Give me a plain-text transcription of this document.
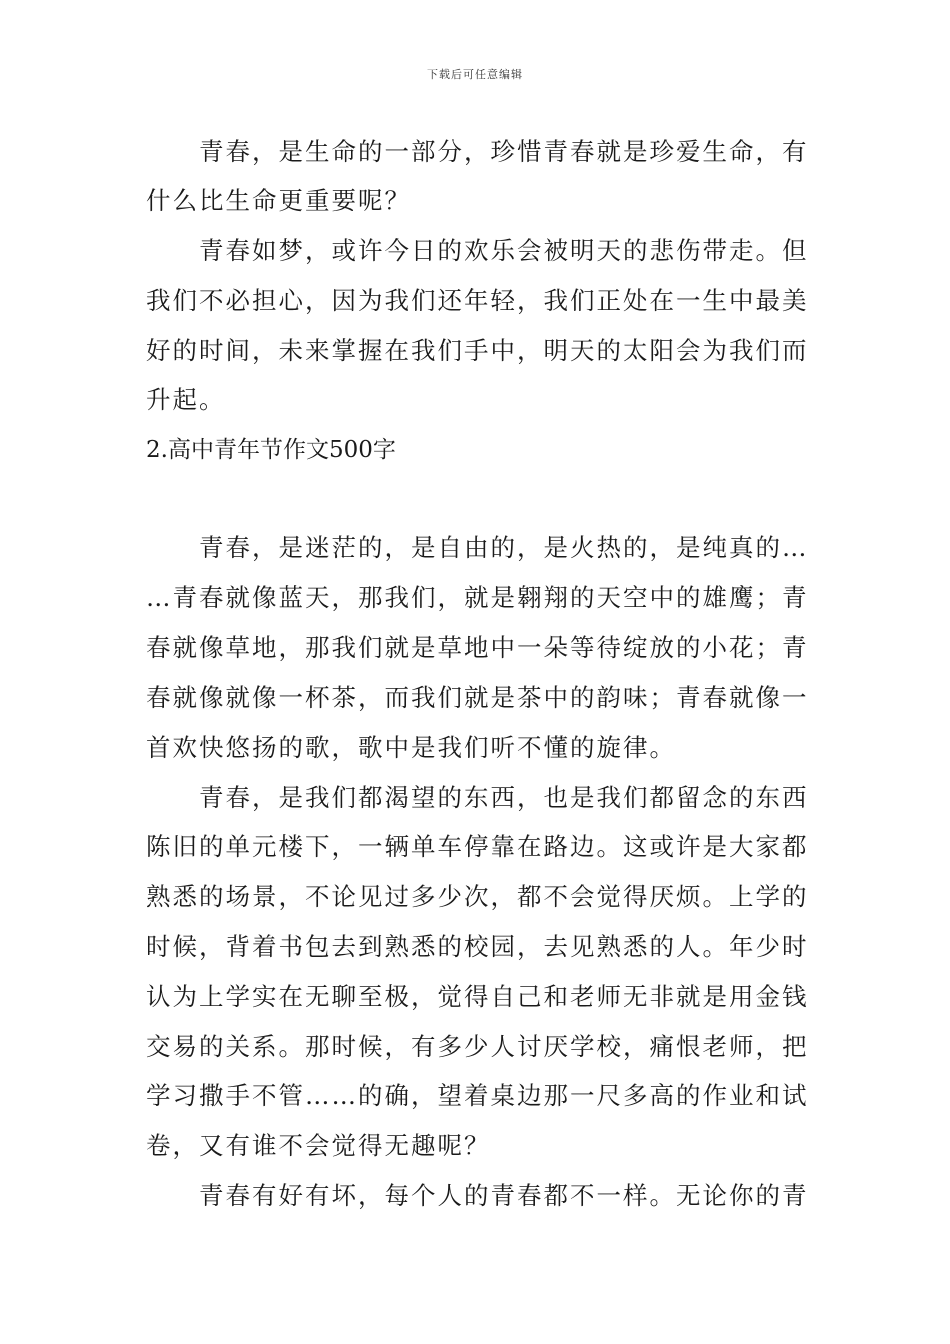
下载后可任意编辑
　　青春，是生命的一部分，珍惜青春就是珍爱生命，有
什么比生命更重要呢？
　　青春如梦，或许今日的欢乐会被明天的悲伤带走。但
我们不必担心，因为我们还年轻，我们正处在一生中最美
好的时间，未来掌握在我们手中，明天的太阳会为我们而
升起。
2.高中青年节作文500字
　　青春，是迷茫的，是自由的，是火热的，是纯真的…
…青春就像蓝天，那我们，就是翱翔的天空中的雄鹰；青
春就像草地，那我们就是草地中一朵等待绽放的小花；青
春就像就像一杯茶，而我们就是茶中的韵味；青春就像一
首欢快悠扬的歌，歌中是我们听不懂的旋律。
　　青春，是我们都渴望的东西，也是我们都留念的东西
陈旧的单元楼下，一辆单车停靠在路边。这或许是大家都
熟悉的场景，不论见过多少次，都不会觉得厌烦。上学的
时候，背着书包去到熟悉的校园，去见熟悉的人。年少时
认为上学实在无聊至极，觉得自己和老师无非就是用金钱
交易的关系。那时候，有多少人讨厌学校，痛恨老师，把
学习撒手不管……的确，望着桌边那一尺多高的作业和试
卷，又有谁不会觉得无趣呢？
　　青春有好有坏，每个人的青春都不一样。无论你的青
